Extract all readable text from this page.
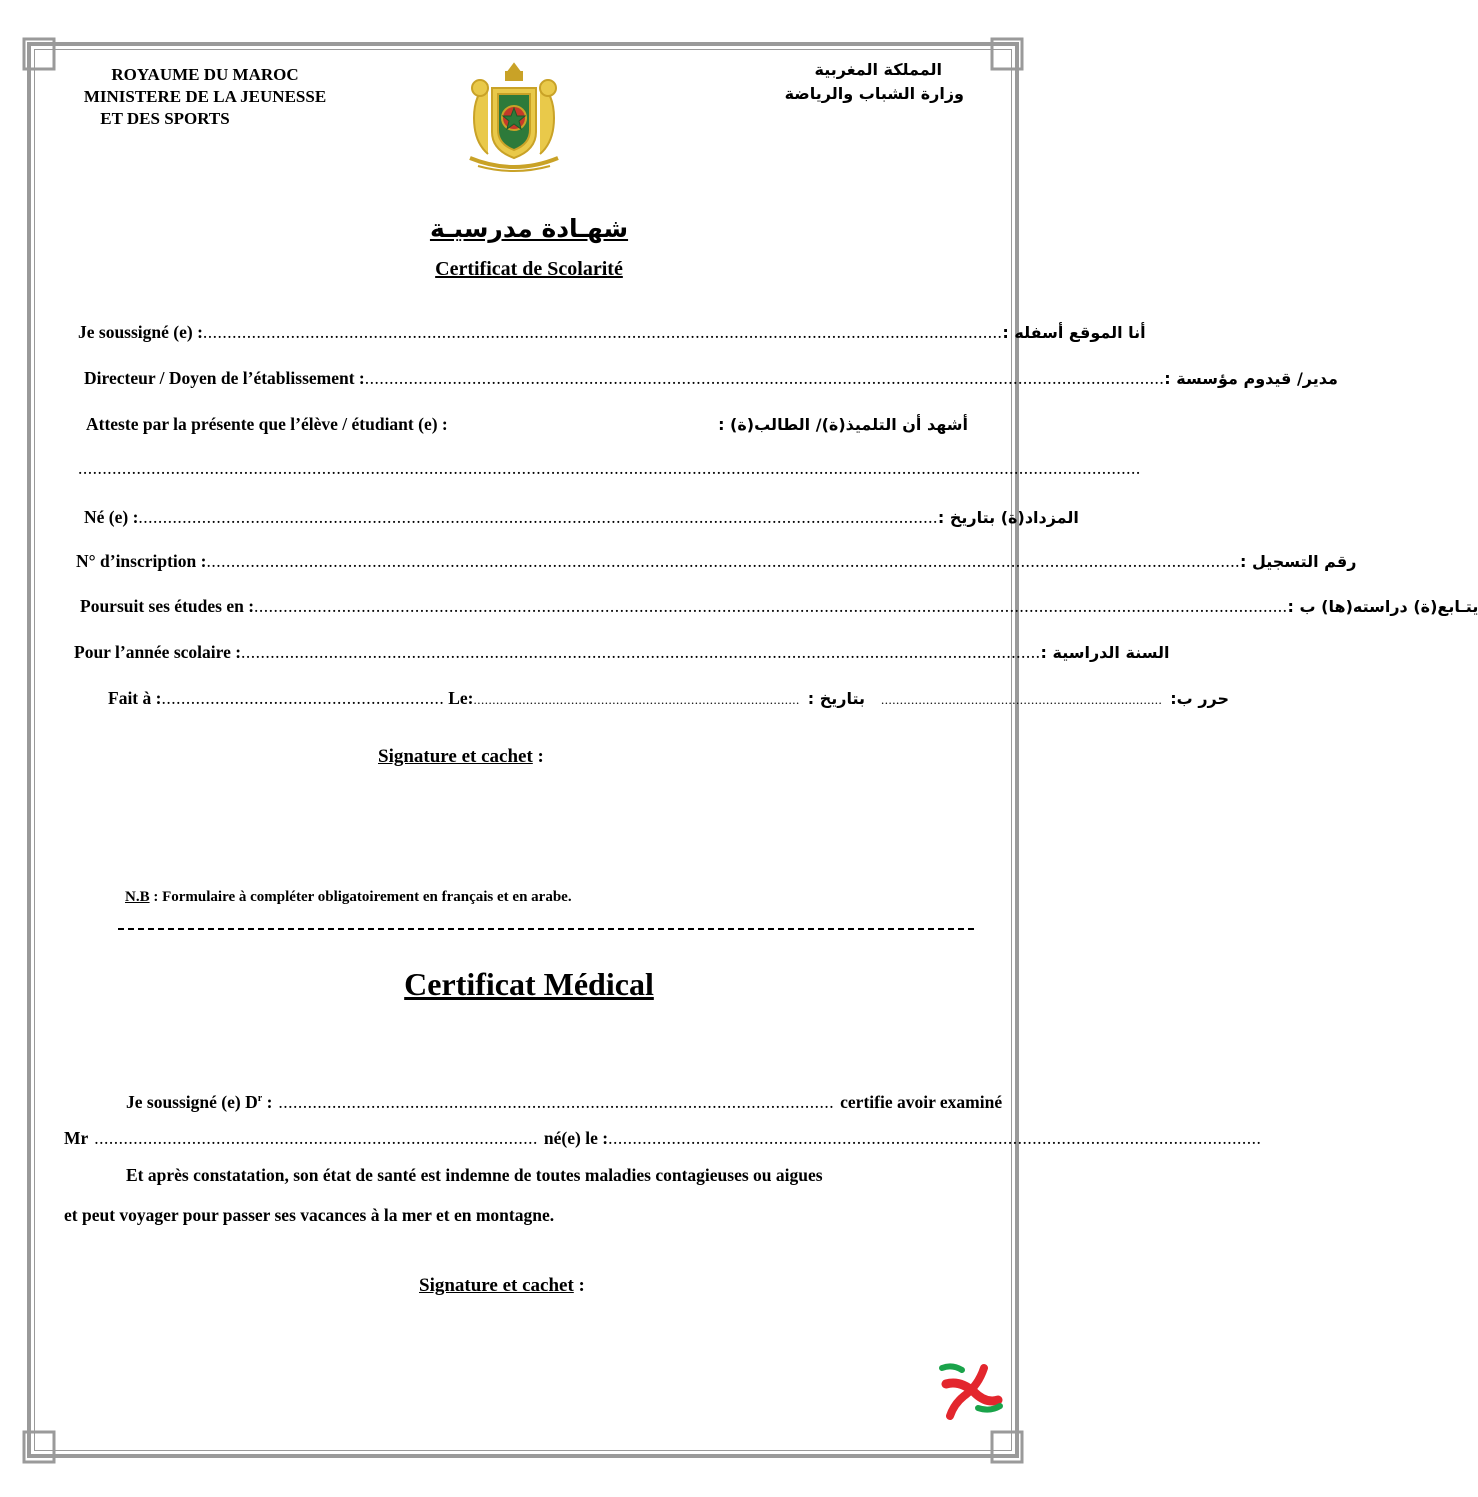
ROYAUME DU MAROC
MINISTERE DE LA JEUNESSE
ET DES SPORTS
المملكة المغربية
وزارة الشباب والرياضة
شهـادة مدرسيـة
Certificat de Scolarité
Je soussigné (e) : .................................................................................................................................................................... أنا الموقع أسفله :
Directeur / Doyen de l’établissement : .................................................................................................................................................................... مدير/ قيدوم مؤسسة :
Atteste par la présente que l’élève / étudiant (e) :	أشهد أن التلميذ(ة)/ الطالب(ة) :
..........................................................................................................................................................................................................................
Né (e) : .................................................................................................................................................................... المزداد(ة) بتاريخ :
N° d’inscription : .................................................................................................................................................................................................................... رقم التسجيل :
Poursuit ses études en : .................................................................................................................................................................................................................... يتـابع(ة) دراسته(ها) ب :
Pour l’année scolaire : .................................................................................................................................................................... السنة الدراسية :
Fait à : .......................................................... Le: ....................................................................................... بتاريخ : ........................................................................... حرر ب:
Signature et cachet :
N.B : Formulaire à compléter obligatoirement en français et en arabe.
Certificat Médical
Je soussigné (e) $D^r$ : .................................................................................................................. certifie avoir examiné
Mr ........................................................................................... né(e) le : ......................................................................................................................................
Et après constatation, son état de santé est indemne de toutes maladies contagieuses ou aigues
et peut voyager pour passer ses vacances à la mer et en montagne.
Signature et cachet :
